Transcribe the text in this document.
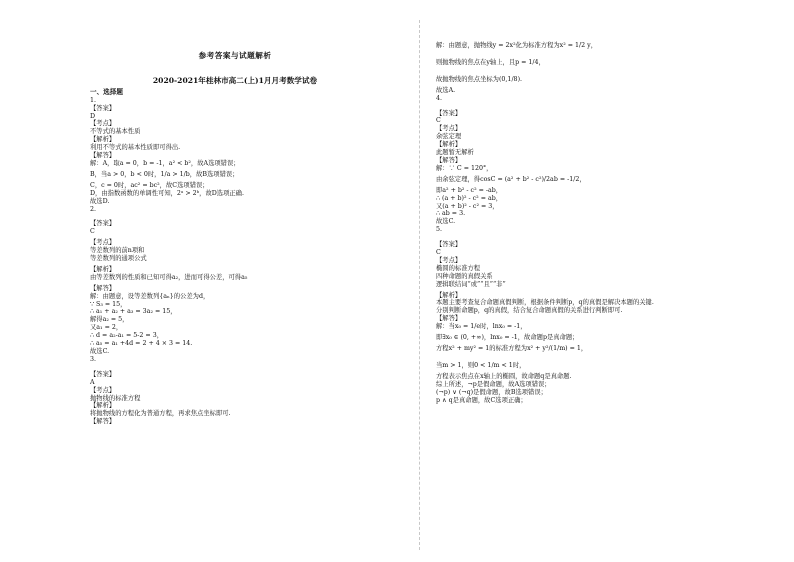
参考答案与试题解析
2020-2021年桂林市高二(上)1月月考数学试卷
一、选择题
1.
【答案】
D
【考点】
不等式的基本性质
【解析】
利用不等式的基本性质即可得出.
【解答】
解：A，取a = 0，b = -1，a² < b²，故A选项错误；
B，当a > 0，b < 0时，1/a > 1/b，故B选项错误；
C，c = 0时，ac² = bc²，故C选项错误；
D，由指数函数的单调性可知，2ᵃ > 2ᵇ，故D选项正确.
故选D.
2.
【答案】
C
【考点】
等差数列的前n项和
等差数列的通项公式
【解析】
由等差数列的性质和已知可得a₂，进而可得公差，可得a₅
【解答】
解：由题意，设等差数列{aₙ}的公差为d，
∵ S₃ = 15，
∴ a₁ + a₂ + a₃ = 3a₂ = 15，
解得a₂ = 5，
又a₁ = 2，
∴ d = a₂-a₁ = 5-2 = 3，
∴ a₅ = a₁ +4d = 2 + 4 × 3 = 14.
故选C.
3.
【答案】
A
【考点】
抛物线的标准方程
【解析】
将抛物线的方程化为普通方程，再求焦点坐标即可.
【解答】
解：由题意，抛物线y = 2x²化为标准方程为x² = 1/2 y，
则抛物线的焦点在y轴上，且p = 1/4，
故抛物线的焦点坐标为(0,1/8).
故选A.
4.
【答案】
C
【考点】
余弦定理
【解析】
此题暂无解析
【解答】
解：∵ C = 120°，
由余弦定理，得cosC = (a² + b² - c²)/2ab = -1/2，
即a² + b² - c² = -ab，
∴ (a + b)² - c² = ab，
又(a + b)² - c² = 3，
∴ ab = 3.
故选C.
5.
【答案】
C
【考点】
椭圆的标准方程
四种命题的真假关系
逻辑联结词“或”“且”“非”
【解析】
本题主要考查复合命题真假判断，根据条件判断p，q的真假是解决本题的关键.
分别判断命题p，q的真假，结合复合命题真假的关系进行判断即可.
【解答】
解：当x₀ = 1/e时，lnx₀ = -1，
即∃x₀ ∈ (0, +∞)，lnx₀ = -1，故命题p是真命题；
方程x² + my² = 1的标准方程为x² + y²/(1/m) = 1，
当m > 1，则0 < 1/m < 1时，
方程表示焦点在x轴上的椭圆，故命题q是真命题.
综上所述，¬p是假命题，故A选项错误；
(¬p) ∨ (¬q)是假命题，故B选项错误；
p ∧ q是真命题，故C选项正确；
